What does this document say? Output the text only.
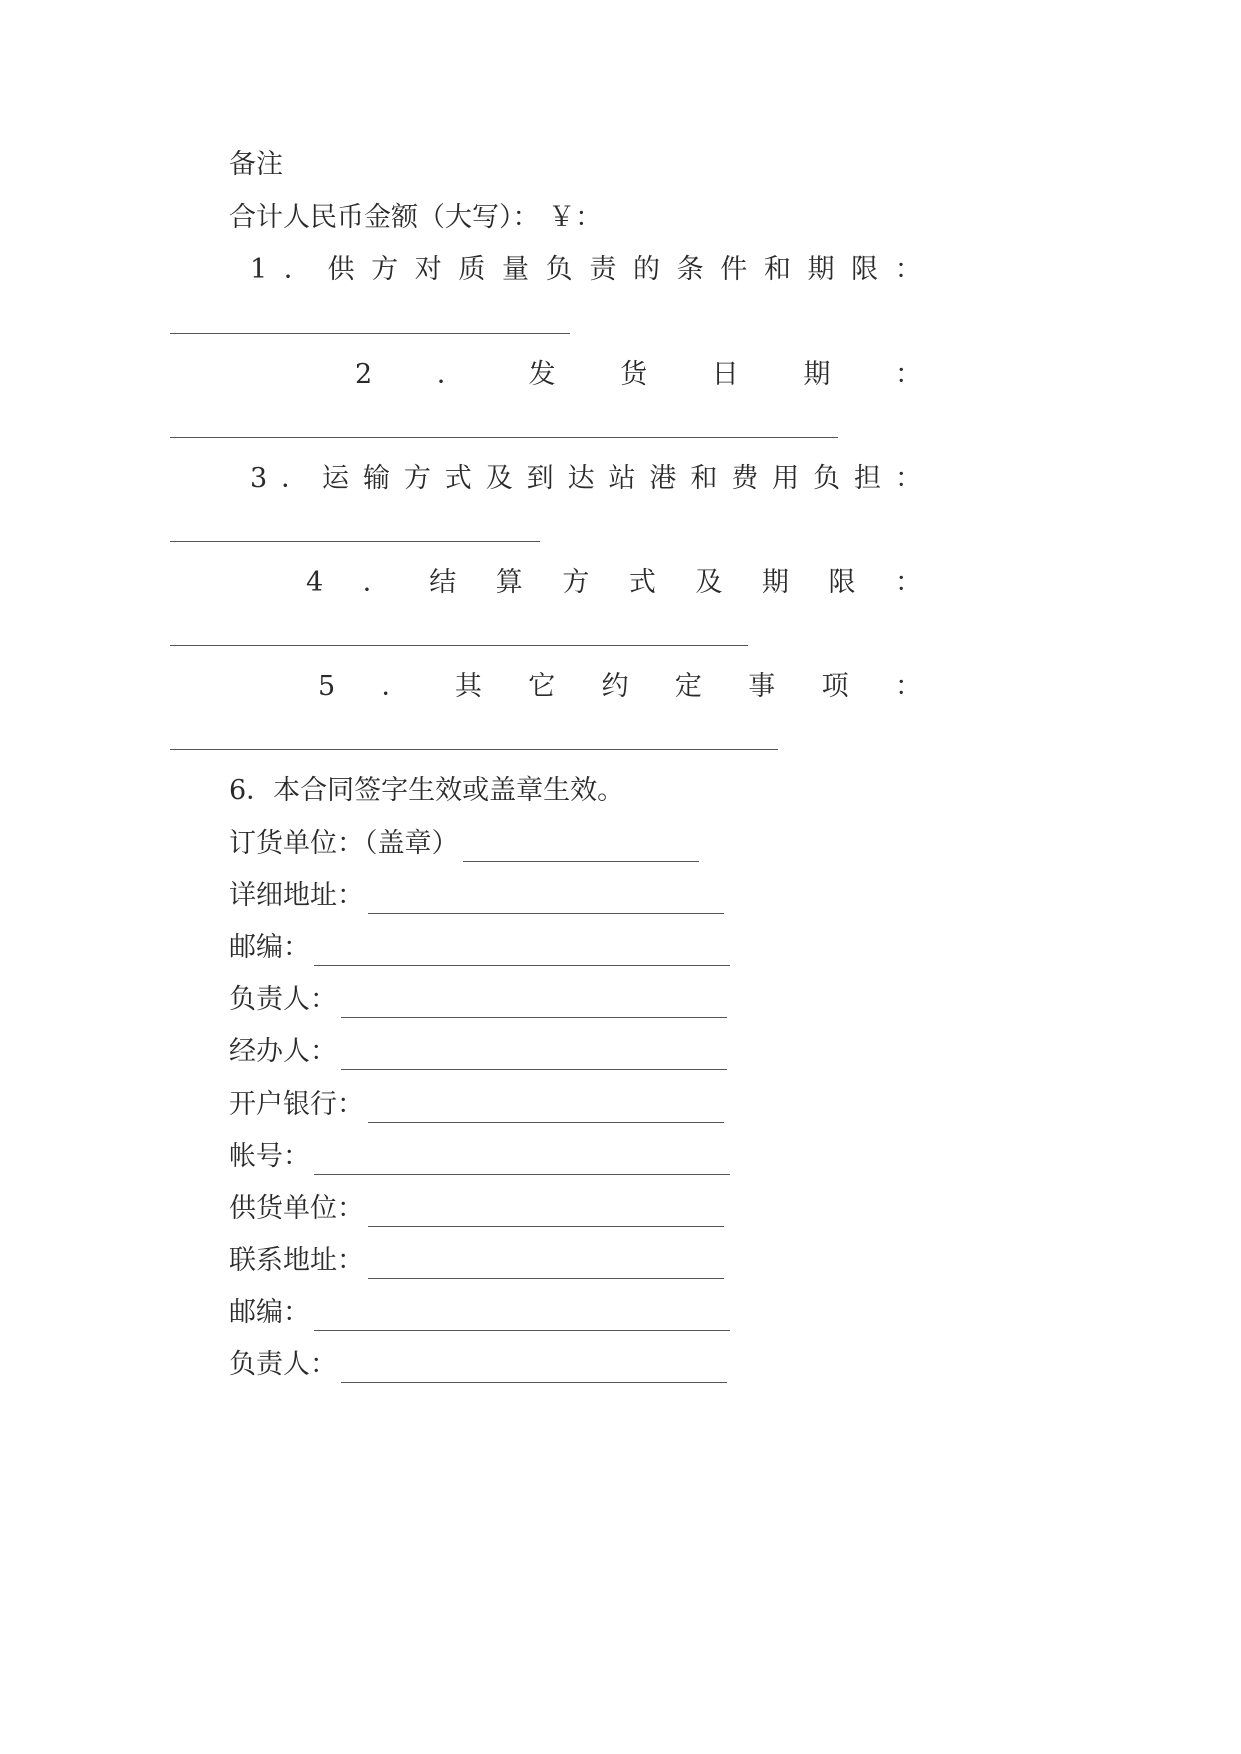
备注
合计人民币金额（大写）： ￥：
1 ． 供 方 对 质 量 负 责 的 条 件 和 期 限 ：
2 ． 发 货 日 期 ：
3 ． 运 输 方 式 及 到 达 站 港 和 费 用 负 担 ：
4 ． 结 算 方 式 及 期 限 ：
5 ． 其 它 约 定 事 项 ：
6．本合同签字生效或盖章生效。
订货单位：（盖章）
详细地址：
邮编：
负责人：
经办人：
开户银行：
帐号：
供货单位：
联系地址：
邮编：
负责人：
